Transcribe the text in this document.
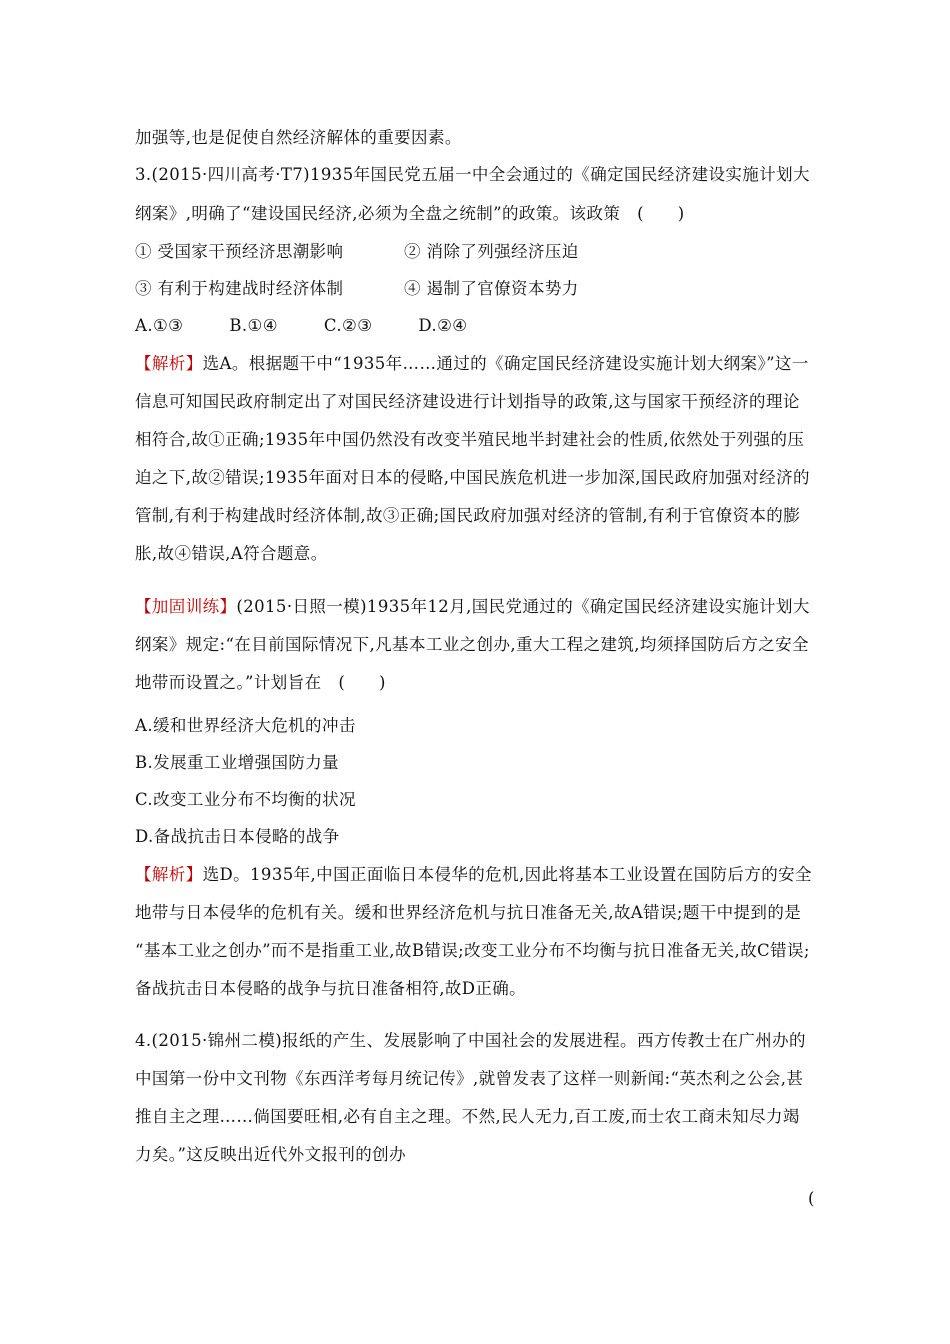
加强等,也是促使自然经济解体的重要因素。
3.(2015·四川高考·T7)1935年国民党五届一中全会通过的《确定国民经济建设实施计划大
纲案》,明确了“建设国民经济,必须为全盘之统制”的政策。该政策　(　　)
① 受国家干预经济思潮影响	② 消除了列强经济压迫
③ 有利于构建战时经济体制	④ 遏制了官僚资本势力
A.①③	B.①④	C.②③	D.②④
【解析】选A。根据题干中“1935年……通过的《确定国民经济建设实施计划大纲案》”这一
信息可知国民政府制定出了对国民经济建设进行计划指导的政策,这与国家干预经济的理论
相符合,故①正确;1935年中国仍然没有改变半殖民地半封建社会的性质,依然处于列强的压
迫之下,故②错误;1935年面对日本的侵略,中国民族危机进一步加深,国民政府加强对经济的
管制,有利于构建战时经济体制,故③正确;国民政府加强对经济的管制,有利于官僚资本的膨
胀,故④错误,A符合题意。
【加固训练】(2015·日照一模)1935年12月,国民党通过的《确定国民经济建设实施计划大
纲案》规定:“在目前国际情况下,凡基本工业之创办,重大工程之建筑,均须择国防后方之安全
地带而设置之。”计划旨在　(　　)
A.缓和世界经济大危机的冲击
B.发展重工业增强国防力量
C.改变工业分布不均衡的状况
D.备战抗击日本侵略的战争
【解析】选D。1935年,中国正面临日本侵华的危机,因此将基本工业设置在国防后方的安全
地带与日本侵华的危机有关。缓和世界经济危机与抗日准备无关,故A错误;题干中提到的是
“基本工业之创办”而不是指重工业,故B错误;改变工业分布不均衡与抗日准备无关,故C错误;
备战抗击日本侵略的战争与抗日准备相符,故D正确。
4.(2015·锦州二模)报纸的产生、发展影响了中国社会的发展进程。西方传教士在广州办的
中国第一份中文刊物《东西洋考每月统记传》,就曾发表了这样一则新闻:“英杰利之公会,甚
推自主之理……倘国要旺相,必有自主之理。不然,民人无力,百工废,而士农工商未知尽力竭
力矣。”这反映出近代外文报刊的创办
(
